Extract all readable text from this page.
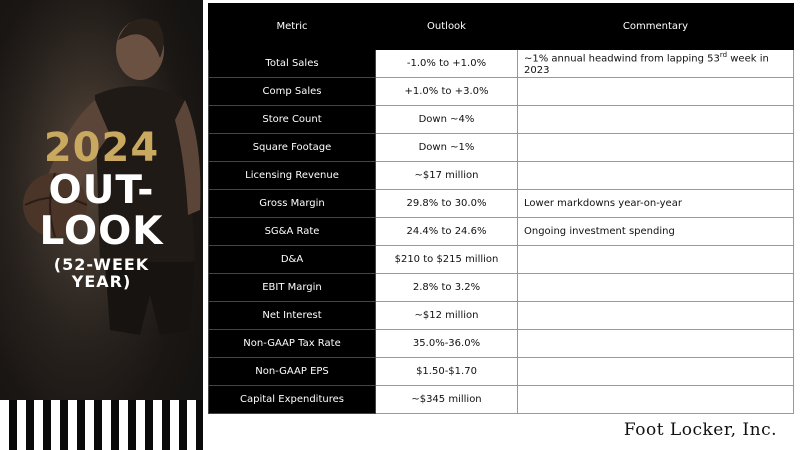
2024
OUT-
LOOK
(52-WEEK
YEAR)
Metric	Outlook	Commentary
Total Sales	-1.0% to +1.0%	~1% annual headwind from lapping 53rd week in 2023
Comp Sales	+1.0% to +3.0%	
Store Count	Down ~4%	
Square Footage	Down ~1%	
Licensing Revenue	~$17 million	
Gross Margin	29.8% to 30.0%	Lower markdowns year-on-year
SG&A Rate	24.4% to 24.6%	Ongoing investment spending
D&A	$210 to $215 million	
EBIT Margin	2.8% to 3.2%	
Net Interest	~$12 million	
Non-GAAP Tax Rate	35.0%-36.0%	
Non-GAAP EPS	$1.50-$1.70	
Capital Expenditures	~$345 million	
Foot Locker, Inc.
